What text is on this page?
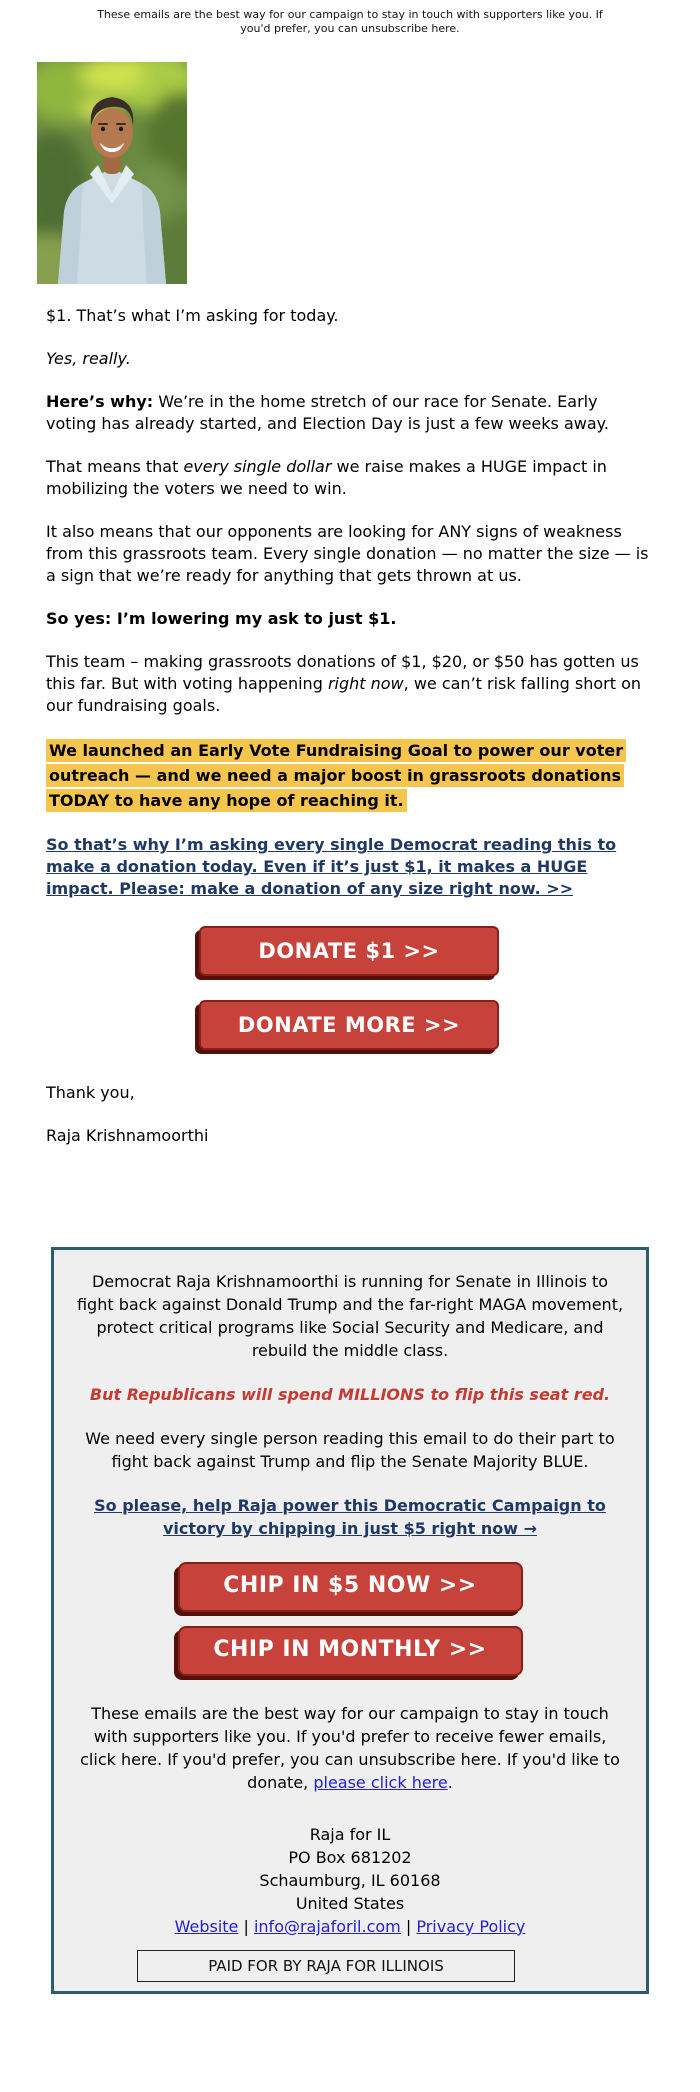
These emails are the best way for our campaign to stay in touch with supporters like you. If you'd prefer, you can unsubscribe here.

$1. That’s what I’m asking for today.

Yes, really.

Here’s why: We’re in the home stretch of our race for Senate. Early voting has already started, and Election Day is just a few weeks away.

That means that every single dollar we raise makes a HUGE impact in mobilizing the voters we need to win.

It also means that our opponents are looking for ANY signs of weakness from this grassroots team. Every single donation — no matter the size — is a sign that we’re ready for anything that gets thrown at us.

So yes: I’m lowering my ask to just $1.

This team – making grassroots donations of $1, $20, or $50 has gotten us this far. But with voting happening right now, we can’t risk falling short on our fundraising goals.

We launched an Early Vote Fundraising Goal to power our voter outreach — and we need a major boost in grassroots donations TODAY to have any hope of reaching it.

So that’s why I’m asking every single Democrat reading this to make a donation today. Even if it’s just $1, it makes a HUGE impact. Please: make a donation of any size right now. >>

DONATE $1 >>
DONATE MORE >>

Thank you,

Raja Krishnamoorthi

Democrat Raja Krishnamoorthi is running for Senate in Illinois to fight back against Donald Trump and the far-right MAGA movement, protect critical programs like Social Security and Medicare, and rebuild the middle class.

But Republicans will spend MILLIONS to flip this seat red.

We need every single person reading this email to do their part to fight back against Trump and flip the Senate Majority BLUE.

So please, help Raja power this Democratic Campaign to victory by chipping in just $5 right now →

CHIP IN $5 NOW >>
CHIP IN MONTHLY >>

These emails are the best way for our campaign to stay in touch with supporters like you. If you'd prefer to receive fewer emails, click here. If you'd prefer, you can unsubscribe here. If you'd like to donate, please click here.

Raja for IL
PO Box 681202
Schaumburg, IL 60168
United States

Website | info@rajaforil.com | Privacy Policy

PAID FOR BY RAJA FOR ILLINOIS
